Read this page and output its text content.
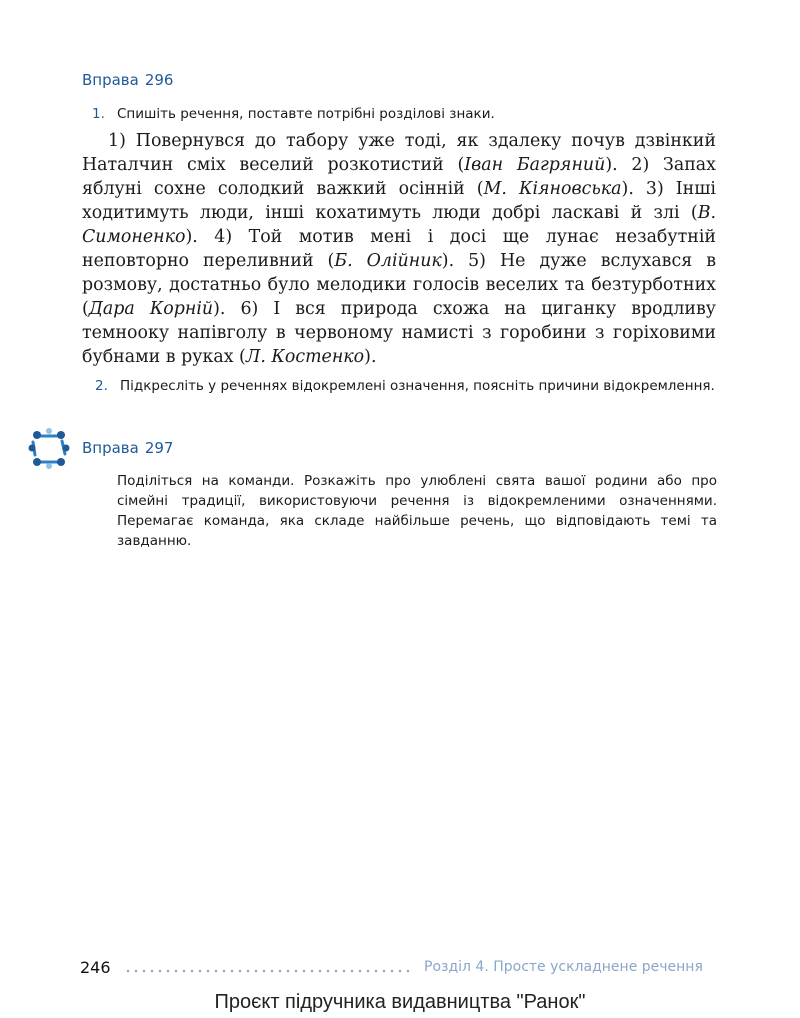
Вправа 296
1. Спишіть речення, поставте потрібні розділові знаки.

1) Повернувся до табору уже тоді, як здалеку почув дзвінкий Наталчин сміх веселий розкотистий (Іван Багряний). 2) Запах яблуні сохне солодкий важкий осінній (М. Кіяновська). 3) Інші ходитимуть люди, інші кохатимуть люди добрі ласкаві й злі (В. Симоненко). 4) Той мотив мені і досі ще лунає незабутній неповторно переливний (Б. Олійник). 5) Не дуже вслухався в розмову, достатньо було мелодики голосів веселих та безтурботних (Дара Корній). 6) І вся природа схожа на циганку вродливу темнооку напівголу в червоному намисті з горобини з горіховими бубнами в руках (Л. Костенко).

2. Підкресліть у реченнях відокремлені означення, поясніть причини відокремлення.
Вправа 297
Поділіться на команди. Розкажіть про улюблені свята вашої родини або про сімейні традиції, використовуючи речення із відокремленими означеннями. Перемагає команда, яка складе найбільше речень, що відповідають темі та завданню.
246	Розділ 4. Просте ускладнене речення
Проєкт підручника видавництва "Ранок"
